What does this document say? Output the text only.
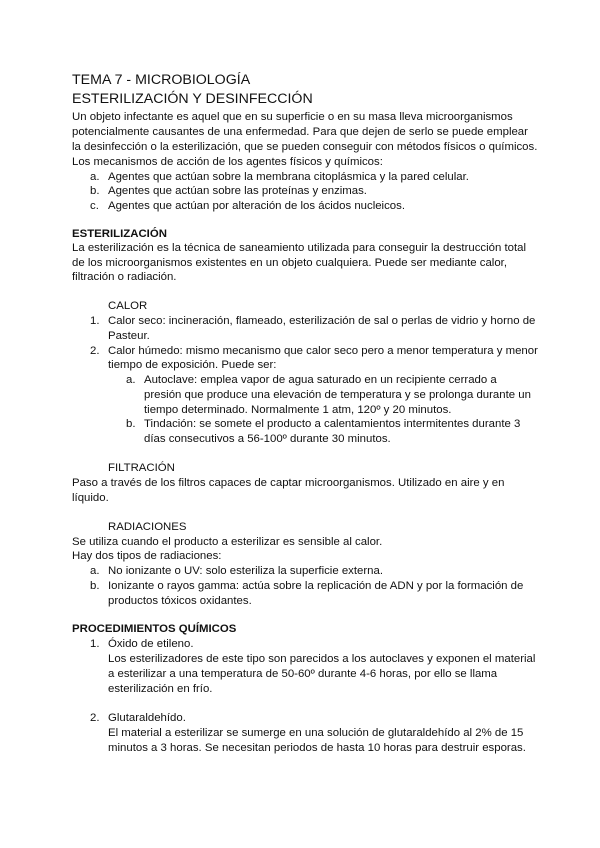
TEMA 7 - MICROBIOLOGÍA
ESTERILIZACIÓN Y DESINFECCIÓN
Un objeto infectante es aquel que en su superficie o en su masa lleva microorganismos
potencialmente causantes de una enfermedad. Para que dejen de serlo se puede emplear
la desinfección o la esterilización, que se pueden conseguir con métodos físicos o químicos.
Los mecanismos de acción de los agentes físicos y químicos:
a. Agentes que actúan sobre la membrana citoplásmica y la pared celular.
b. Agentes que actúan sobre las proteínas y enzimas.
c. Agentes que actúan por alteración de los ácidos nucleicos.
ESTERILIZACIÓN
La esterilización es la técnica de saneamiento utilizada para conseguir la destrucción total
de los microorganismos existentes en un objeto cualquiera. Puede ser mediante calor,
filtración o radiación.
CALOR
1. Calor seco: incineración, flameado, esterilización de sal o perlas de vidrio y horno de
Pasteur.
2. Calor húmedo: mismo mecanismo que calor seco pero a menor temperatura y menor
tiempo de exposición. Puede ser:
a. Autoclave: emplea vapor de agua saturado en un recipiente cerrado a
presión que produce una elevación de temperatura y se prolonga durante un
tiempo determinado. Normalmente 1 atm, 120º y 20 minutos.
b. Tindación: se somete el producto a calentamientos intermitentes durante 3
días consecutivos a 56-100º durante 30 minutos.
FILTRACIÓN
Paso a través de los filtros capaces de captar microorganismos. Utilizado en aire y en
líquido.
RADIACIONES
Se utiliza cuando el producto a esterilizar es sensible al calor.
Hay dos tipos de radiaciones:
a. No ionizante o UV: solo esteriliza la superficie externa.
b. Ionizante o rayos gamma: actúa sobre la replicación de ADN y por la formación de
productos tóxicos oxidantes.
PROCEDIMIENTOS QUÍMICOS
1. Óxido de etileno.
Los esterilizadores de este tipo son parecidos a los autoclaves y exponen el material
a esterilizar a una temperatura de 50-60º durante 4-6 horas, por ello se llama
esterilización en frío.
2. Glutaraldehído.
El material a esterilizar se sumerge en una solución de glutaraldehído al 2% de 15
minutos a 3 horas. Se necesitan periodos de hasta 10 horas para destruir esporas.
